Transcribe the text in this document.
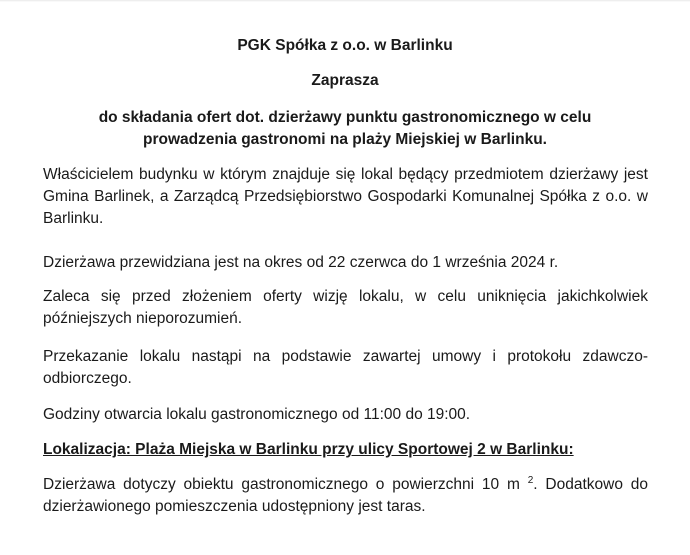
PGK Spółka z o.o. w Barlinku
Zaprasza
do składania ofert dot. dzierżawy punktu gastronomicznego w celu
prowadzenia gastronomi na plaży Miejskiej w Barlinku.

Właścicielem budynku w którym znajduje się lokal będący przedmiotem dzierżawy jest Gmina Barlinek, a Zarządcą Przedsiębiorstwo Gospodarki Komunalnej Spółka z o.o. w Barlinku.

Dzierżawa przewidziana jest na okres od 22 czerwca do 1 września 2024 r.

Zaleca się przed złożeniem oferty wizję lokalu, w celu uniknięcia jakichkolwiek późniejszych nieporozumień.

Przekazanie lokalu nastąpi na podstawie zawartej umowy i protokołu zdawczo-odbiorczego.

Godziny otwarcia lokalu gastronomicznego od 11:00 do 19:00.

Lokalizacja: Plaża Miejska w Barlinku przy ulicy Sportowej 2 w Barlinku:

Dzierżawa dotyczy obiektu gastronomicznego o powierzchni 10 m $^2$. Dodatkowo do dzierżawionego pomieszczenia udostępniony jest taras.
